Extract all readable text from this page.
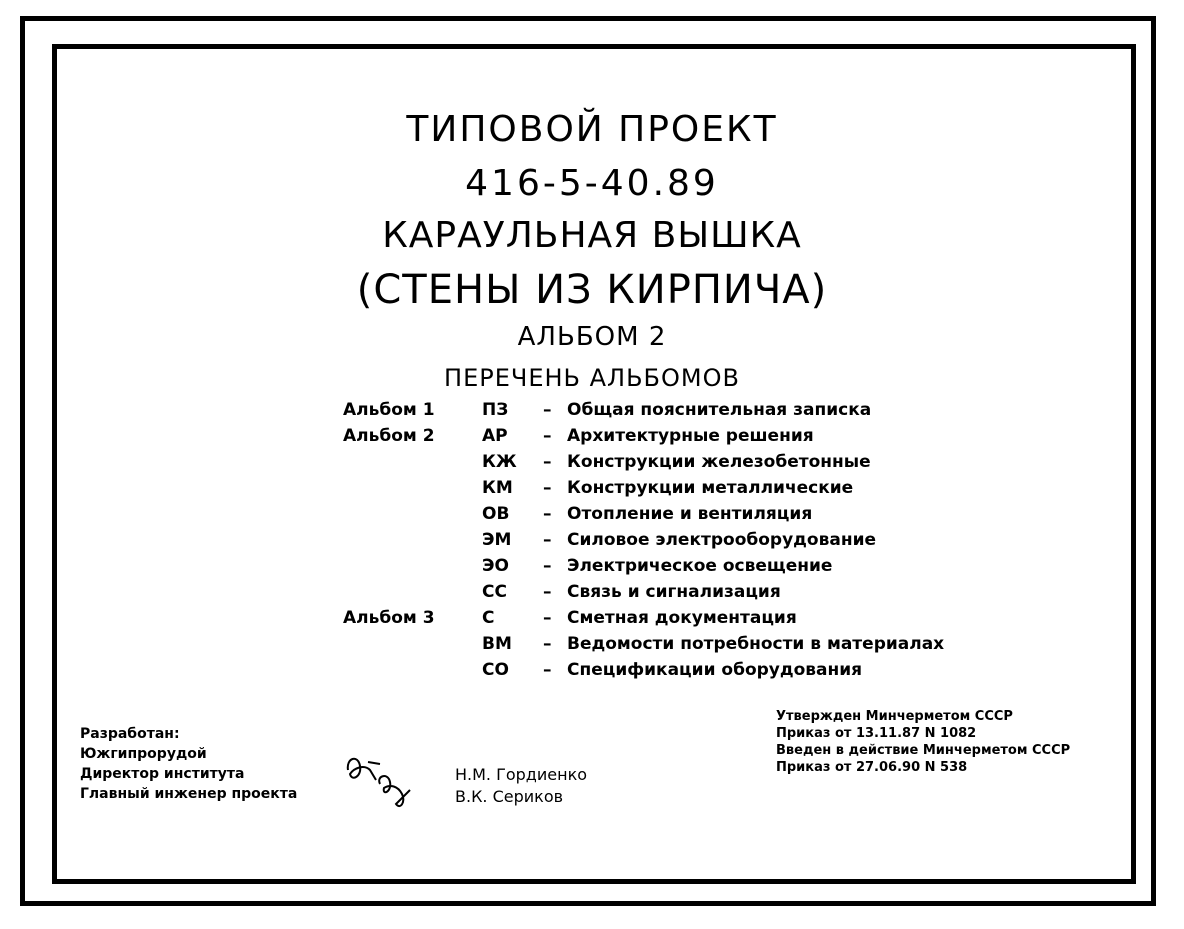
ТИПОВОЙ ПРОЕКТ
416-5-40.89
КАРАУЛЬНАЯ ВЫШКА
(СТЕНЫ ИЗ КИРПИЧА)
АЛЬБОМ 2
ПЕРЕЧЕНЬ АЛЬБОМОВ
Альбом 1	ПЗ – Общая пояснительная записка
Альбом 2	АР – Архитектурные решения
КЖ – Конструкции железобетонные
КМ – Конструкции металлические
ОВ – Отопление и вентиляция
ЭМ – Силовое электрооборудование
ЭО – Электрическое освещение
СС – Связь и сигнализация
Альбом 3	С	– Сметная документация
ВМ – Ведомости потребности в материалах
СО – Спецификации оборудования
Разработан:
Южгипрорудой
Директор института
Главный инженер проекта
Н.М. Гордиенко
В.К. Сериков
Утвержден Минчерметом СССР
Приказ от 13.11.87 N 1082
Введен в действие Минчерметом СССР
Приказ от 27.06.90 N 538
